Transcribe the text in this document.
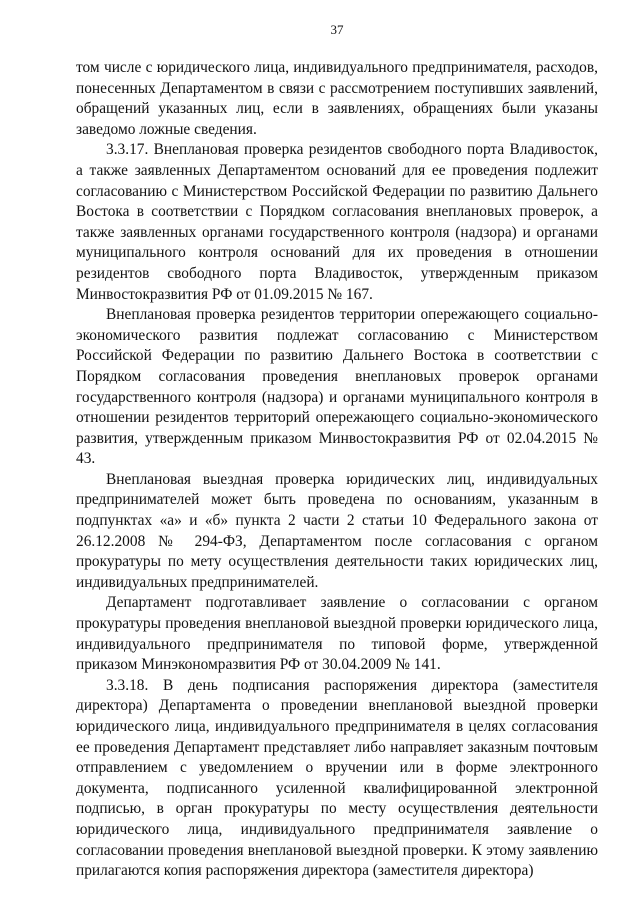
37

том числе с юридического лица, индивидуального предпринимателя, расходов, понесенных Департаментом в связи с рассмотрением поступивших заявлений, обращений указанных лиц, если в заявлениях, обращениях были указаны заведомо ложные сведения.

3.3.17. Внеплановая проверка резидентов свободного порта Владивосток, а также заявленных Департаментом оснований для ее проведения подлежит согласованию с Министерством Российской Федерации по развитию Дальнего Востока в соответствии с Порядком согласования внеплановых проверок, а также заявленных органами государственного контроля (надзора) и органами муниципального контроля оснований для их проведения в отношении резидентов свободного порта Владивосток, утвержденным приказом Минвостокразвития РФ от 01.09.2015 № 167.

Внеплановая проверка резидентов территории опережающего социально-экономического развития подлежат согласованию с Министерством Российской Федерации по развитию Дальнего Востока в соответствии с Порядком согласования проведения внеплановых проверок органами государственного контроля (надзора) и органами муниципального контроля в отношении резидентов территорий опережающего социально-экономического развития, утвержденным приказом Минвостокразвития РФ от 02.04.2015 № 43.

Внеплановая выездная проверка юридических лиц, индивидуальных предпринимателей может быть проведена по основаниям, указанным в подпунктах «а» и «б» пункта 2 части 2 статьи 10 Федерального закона от 26.12.2008 № 294-ФЗ, Департаментом после согласования с органом прокуратуры по мету осуществления деятельности таких юридических лиц, индивидуальных предпринимателей.

Департамент подготавливает заявление о согласовании с органом прокуратуры проведения внеплановой выездной проверки юридического лица, индивидуального предпринимателя по типовой форме, утвержденной приказом Минэкономразвития РФ от 30.04.2009 № 141.

3.3.18. В день подписания распоряжения директора (заместителя директора) Департамента о проведении внеплановой выездной проверки юридического лица, индивидуального предпринимателя в целях согласования ее проведения Департамент представляет либо направляет заказным почтовым отправлением с уведомлением о вручении или в форме электронного документа, подписанного усиленной квалифицированной электронной подписью, в орган прокуратуры по месту осуществления деятельности юридического лица, индивидуального предпринимателя заявление о согласовании проведения внеплановой выездной проверки. К этому заявлению прилагаются копия распоряжения директора (заместителя директора)
